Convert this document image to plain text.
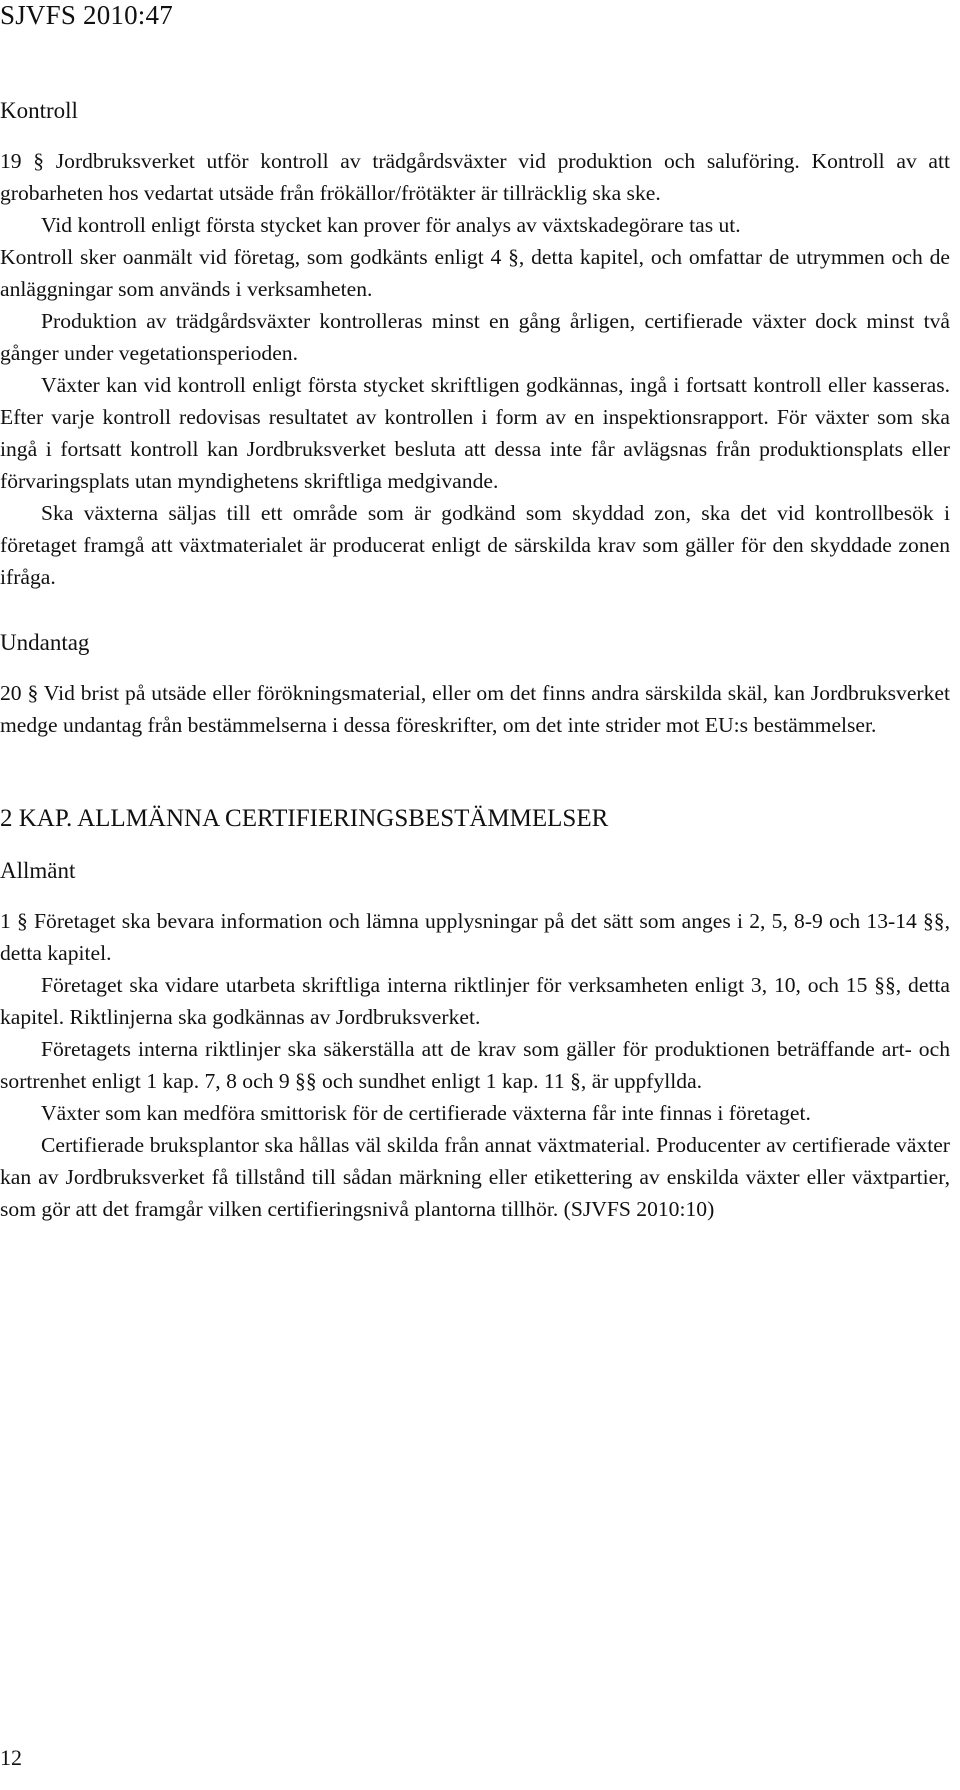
SJVFS 2010:47
Kontroll

19 § Jordbruksverket utför kontroll av trädgårdsväxter vid produktion och saluföring. Kontroll av att grobarheten hos vedartat utsäde från frökällor/frötäkter är tillräcklig ska ske.

Vid kontroll enligt första stycket kan prover för analys av växtskadegörare tas ut.

Kontroll sker oanmält vid företag, som godkänts enligt 4 §, detta kapitel, och omfattar de utrymmen och de anläggningar som används i verksamheten.

Produktion av trädgårdsväxter kontrolleras minst en gång årligen, certifierade växter dock minst två gånger under vegetationsperioden.

Växter kan vid kontroll enligt första stycket skriftligen godkännas, ingå i fortsatt kontroll eller kasseras. Efter varje kontroll redovisas resultatet av kontrollen i form av en inspektionsrapport. För växter som ska ingå i fortsatt kontroll kan Jordbruksverket besluta att dessa inte får avlägsnas från produktionsplats eller förvaringsplats utan myndighetens skriftliga medgivande.

Ska växterna säljas till ett område som är godkänd som skyddad zon, ska det vid kontrollbesök i företaget framgå att växtmaterialet är producerat enligt de särskilda krav som gäller för den skyddade zonen ifråga.

Undantag

20 § Vid brist på utsäde eller förökningsmaterial, eller om det finns andra särskilda skäl, kan Jordbruksverket medge undantag från bestämmelserna i dessa föreskrifter, om det inte strider mot EU:s bestämmelser.

2 KAP. ALLMÄNNA CERTIFIERINGSBESTÄMMELSER
Allmänt

1 § Företaget ska bevara information och lämna upplysningar på det sätt som anges i 2, 5, 8-9 och 13-14 §§, detta kapitel.

Företaget ska vidare utarbeta skriftliga interna riktlinjer för verksamheten enligt 3, 10, och 15 §§, detta kapitel. Riktlinjerna ska godkännas av Jordbruksverket.

Företagets interna riktlinjer ska säkerställa att de krav som gäller för produktionen beträffande art- och sortrenhet enligt 1 kap. 7, 8 och 9 §§ och sundhet enligt 1 kap. 11 §, är uppfyllda.

Växter som kan medföra smittorisk för de certifierade växterna får inte finnas i företaget.

Certifierade bruksplantor ska hållas väl skilda från annat växtmaterial. Producenter av certifierade växter kan av Jordbruksverket få tillstånd till sådan märkning eller etikettering av enskilda växter eller växtpartier, som gör att det framgår vilken certifieringsnivå plantorna tillhör. (SJVFS 2010:10)

12
